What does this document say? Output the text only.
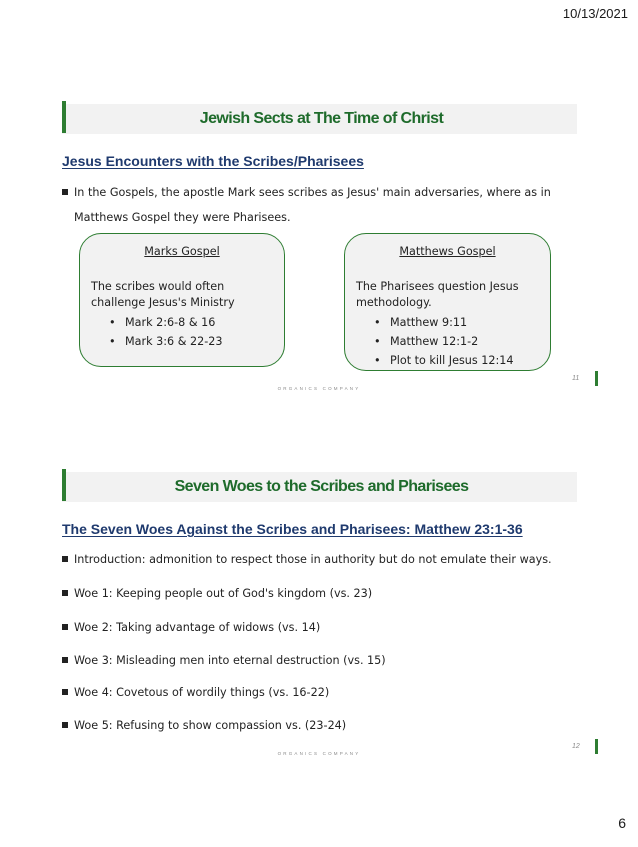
10/13/2021
Jewish Sects at The Time of Christ
Jesus Encounters with the Scribes/Pharisees
In the Gospels, the apostle Mark sees scribes as Jesus' main adversaries, where as in
Matthews Gospel they were Pharisees.
Marks Gospel
The scribes would often
challenge Jesus's Ministry
• Mark 2:6-8 & 16
• Mark 3:6 & 22-23
Matthews Gospel
The Pharisees question Jesus
methodology.
• Matthew 9:11
• Matthew 12:1-2
• Plot to kill Jesus 12:14
ORGANICS COMPANY
11
Seven Woes to the Scribes and Pharisees
The Seven Woes Against the Scribes and Pharisees: Matthew 23:1-36
Introduction: admonition to respect those in authority but do not emulate their ways.
Woe 1: Keeping people out of God's kingdom (vs. 23)
Woe 2: Taking advantage of widows (vs. 14)
Woe 3: Misleading men into eternal destruction (vs. 15)
Woe 4: Covetous of wordily things (vs. 16-22)
Woe 5: Refusing to show compassion vs. (23-24)
ORGANICS COMPANY
12
6
